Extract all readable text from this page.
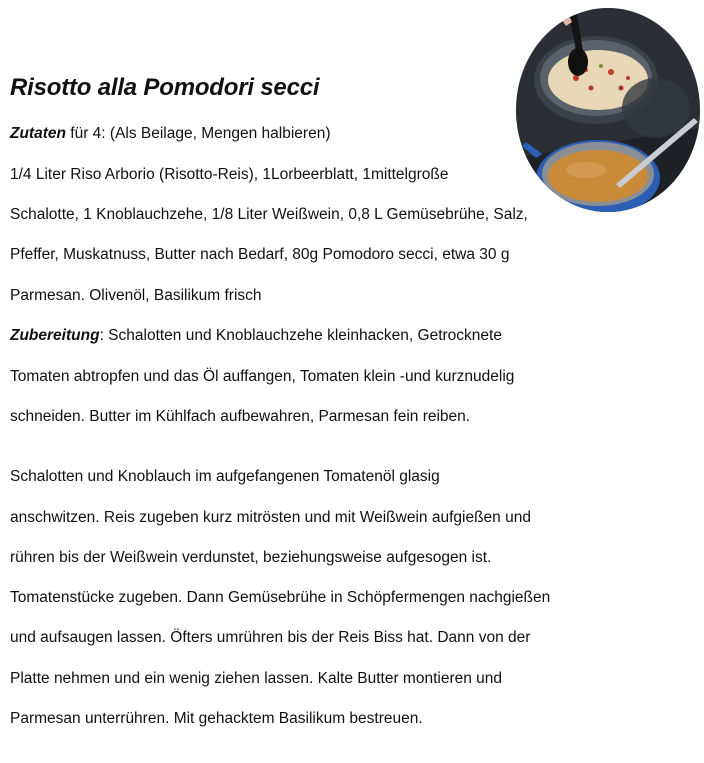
Risotto alla Pomodori secci
Zutaten für 4: (Als Beilage, Mengen halbieren)
1/4 Liter Riso Arborio (Risotto-Reis), 1Lorbeerblatt, 1mittelgroße
Schalotte, 1 Knoblauchzehe, 1/8 Liter Weißwein, 0,8 L Gemüsebrühe, Salz,
Pfeffer, Muskatnuss, Butter nach Bedarf, 80g Pomodoro secci, etwa 30 g
Parmesan. Olivenöl, Basilikum frisch
Zubereitung: Schalotten und Knoblauchzehe kleinhacken, Getrocknete
Tomaten abtropfen und das Öl auffangen, Tomaten klein -und kurznudelig
schneiden. Butter im Kühlfach aufbewahren, Parmesan fein reiben.
Schalotten und Knoblauch im aufgefangenen Tomatenöl glasig
anschwitzen. Reis zugeben kurz mitrösten und mit Weißwein aufgießen und
rühren bis der Weißwein verdunstet, beziehungsweise aufgesogen ist.
Tomatenstücke zugeben. Dann Gemüsebrühe in Schöpfermengen nachgießen
und aufsaugen lassen. Öfters umrühren bis der Reis Biss hat. Dann von der
Platte nehmen und ein wenig ziehen lassen. Kalte Butter montieren und
Parmesan unterrühren. Mit gehacktem Basilikum bestreuen.
